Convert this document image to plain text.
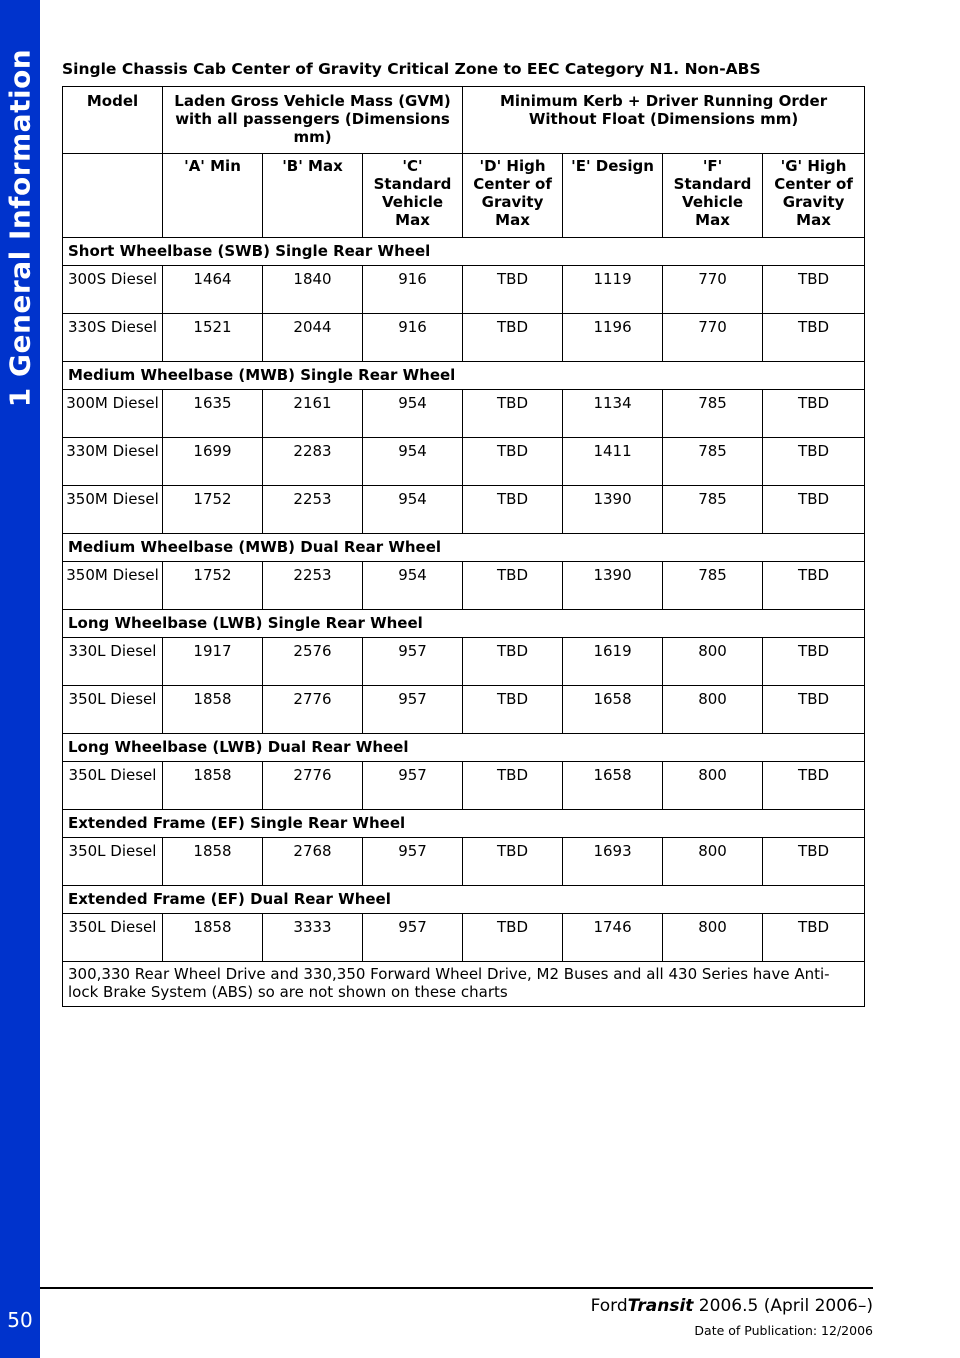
1 General Information
50
Single Chassis Cab Center of Gravity Critical Zone to EEC Category N1. Non-ABS
Model	Laden Gross Vehicle Mass (GVM) with all passengers (Dimensions mm)			Minimum Kerb + Driver Running Order Without Float (Dimensions mm)			
	'A' Min	'B' Max	'C' Standard Vehicle Max	'D' High Center of Gravity Max	'E' Design	'F' Standard Vehicle Max	'G' High Center of Gravity Max
Short Wheelbase (SWB) Single Rear Wheel							
300S Diesel	1464	1840	916	TBD	1119	770	TBD
330S Diesel	1521	2044	916	TBD	1196	770	TBD
Medium Wheelbase (MWB) Single Rear Wheel							
300M Diesel	1635	2161	954	TBD	1134	785	TBD
330M Diesel	1699	2283	954	TBD	1411	785	TBD
350M Diesel	1752	2253	954	TBD	1390	785	TBD
Medium Wheelbase (MWB) Dual Rear Wheel							
350M Diesel	1752	2253	954	TBD	1390	785	TBD
Long Wheelbase (LWB) Single Rear Wheel							
330L Diesel	1917	2576	957	TBD	1619	800	TBD
350L Diesel	1858	2776	957	TBD	1658	800	TBD
Long Wheelbase (LWB) Dual Rear Wheel							
350L Diesel	1858	2776	957	TBD	1658	800	TBD
Extended Frame (EF) Single Rear Wheel							
350L Diesel	1858	2768	957	TBD	1693	800	TBD
Extended Frame (EF) Dual Rear Wheel							
350L Diesel	1858	3333	957	TBD	1746	800	TBD
300,330 Rear Wheel Drive and 330,350 Forward Wheel Drive, M2 Buses and all 430 Series have Anti-lock Brake System (ABS) so are not shown on these charts							
FordTransit 2006.5 (April 2006–)
Date of Publication: 12/2006
